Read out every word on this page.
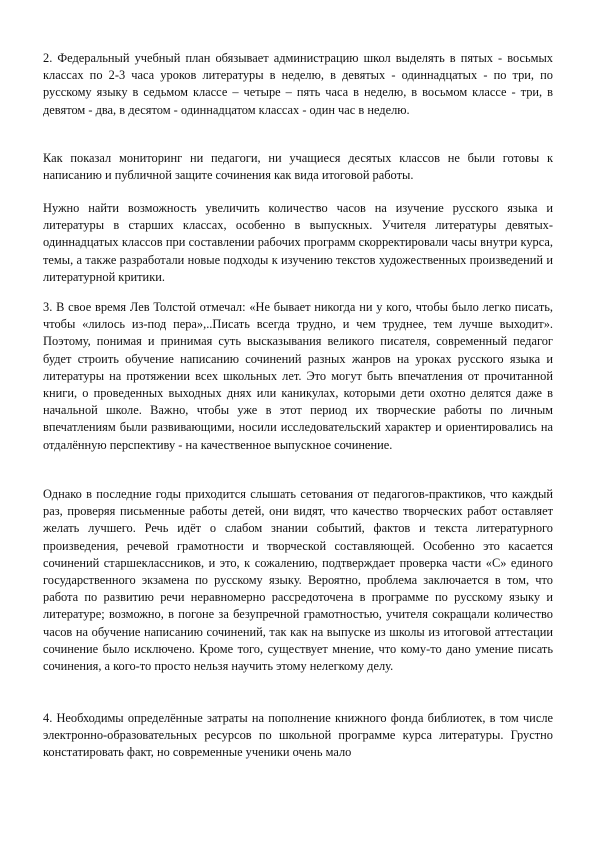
2. Федеральный учебный план обязывает администрацию школ выделять в пятых - восьмых классах по 2-3 часа уроков литературы в неделю, в девятых - одиннадцатых - по три, по русскому языку в седьмом классе – четыре – пять часа в неделю, в восьмом классе - три, в девятом - два, в десятом - одиннадцатом классах - один час в неделю.

Как показал мониторинг ни педагоги, ни учащиеся десятых классов не были готовы к написанию и публичной защите сочинения как вида итоговой работы.

Нужно найти возможность увеличить количество часов на изучение русского языка и литературы в старших классах, особенно в выпускных. Учителя литературы девятых-одиннадцатых классов при составлении рабочих программ скорректировали часы внутри курса, темы, а также разработали новые подходы к изучению текстов художественных произведений и литературной критики.

3. В свое время Лев Толстой отмечал: «Не бывает никогда ни у кого, чтобы было легко писать, чтобы «лилось из-под пера»,..Писать всегда трудно, и чем труднее, тем лучше выходит». Поэтому, понимая и принимая суть высказывания великого писателя, современный педагог будет строить обучение написанию сочинений разных жанров на уроках русского языка и литературы на протяжении всех школьных лет. Это могут быть впечатления от прочитанной книги, о проведенных выходных днях или каникулах, которыми дети охотно делятся даже в начальной школе. Важно, чтобы уже в этот период их творческие работы по личным впечатлениям были развивающими, носили исследовательский характер и ориентировались на отдалённую перспективу - на качественное выпускное сочинение.

Однако в последние годы приходится слышать сетования от педагогов-практиков, что каждый раз, проверяя письменные работы детей, они видят, что качество творческих работ оставляет желать лучшего. Речь идёт о слабом знании событий, фактов и текста литературного произведения, речевой грамотности и творческой составляющей. Особенно это касается сочинений старшеклассников, и это, к сожалению, подтверждает проверка части «С» единого государственного экзамена по русскому языку. Вероятно, проблема заключается в том, что работа по развитию речи неравномерно рассредоточена в программе по русскому языку и литературе; возможно, в погоне за безупречной грамотностью, учителя сокращали количество часов на обучение написанию сочинений, так как на выпуске из школы из итоговой аттестации сочинение было исключено. Кроме того, существует мнение, что кому-то дано умение писать сочинения, а кого-то просто нельзя научить этому нелегкому делу.

4. Необходимы определённые затраты на пополнение книжного фонда библиотек, в том числе электронно-образовательных ресурсов по школьной программе курса литературы. Грустно констатировать факт, но современные ученики очень мало
